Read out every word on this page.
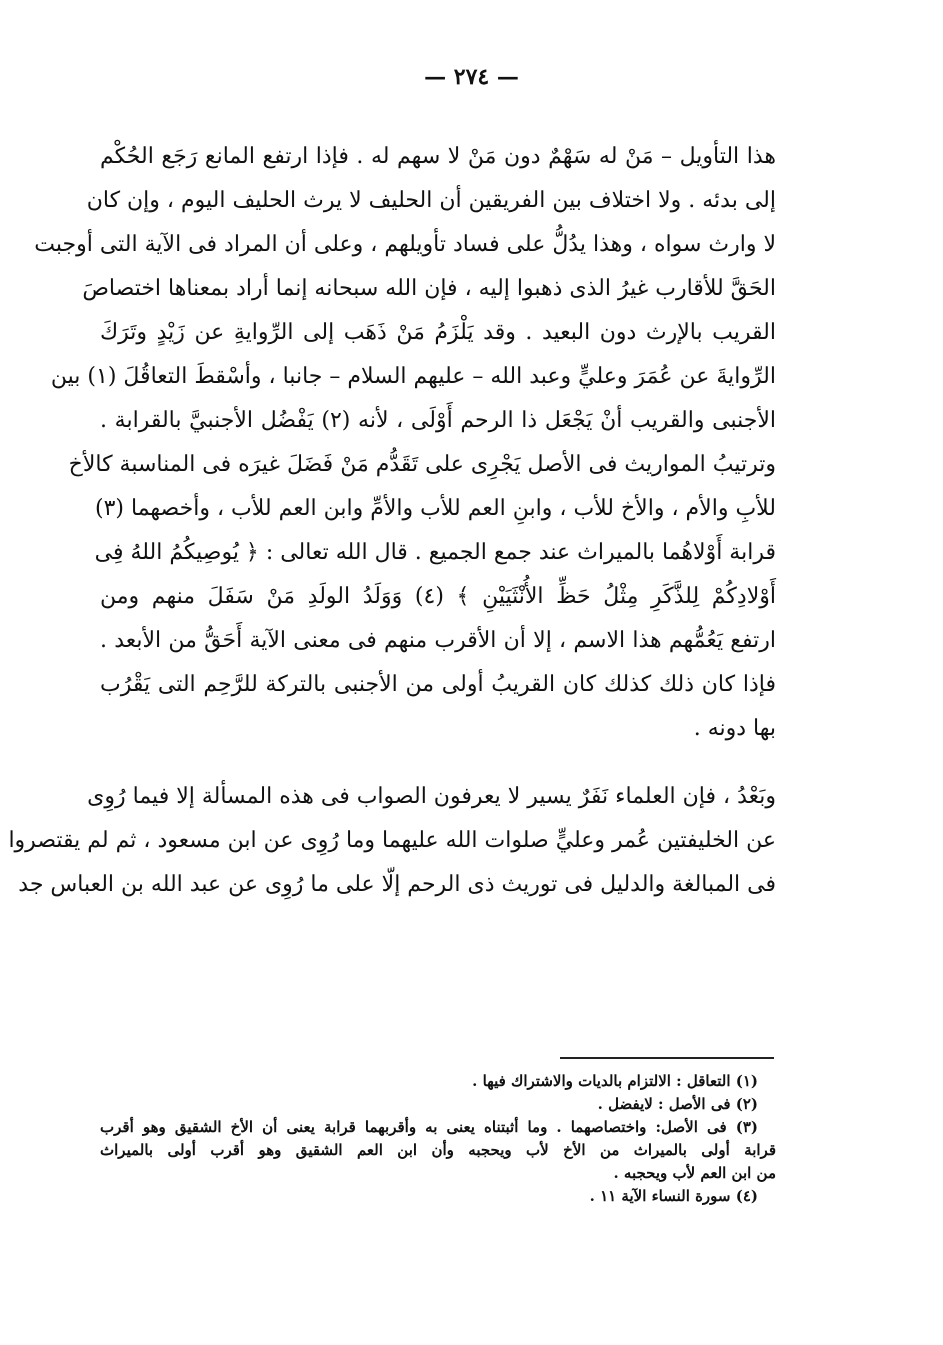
— ٢٧٤ —
هذا التأويل – مَنْ له سَهْمٌ دون مَنْ لا سهم له . فإذا ارتفع المانع رَجَع الحُكْم
إلى بدئه . ولا اختلاف بين الفريقين أن الحليف لا يرث الحليف اليوم ، وإن كان
لا وارث سواه ، وهذا يدُلُّ على فساد تأويلهم ، وعلى أن المراد فى الآية التى أوجبت
الحَقَّ للأقارب غيرُ الذى ذهبوا إليه ، فإن الله سبحانه إنما أراد بمعناها اختصاصَ
القريب بالإرث دون البعيد . وقد يَلْزَمُ مَنْ ذَهَب إلى الرِّوايةِ عن زَيْدٍ وتَرَكَ
الرِّوايةَ عن عُمَرَ وعليٍّ وعبد الله – عليهم السلام – جانبا ، وأسْقطَ التعاقُلَ (١) بين
الأجنبى والقريب أنْ يَجْعَل ذا الرحم أَوْلَى ، لأنه (٢) يَفْضُل الأجنبيَّ بالقرابة .
وترتيبُ المواريث فى الأصل يَجْرِى على تَقَدُّم مَنْ فَضَلَ غيرَه فى المناسبة كالأخ
للأبِ والأم ، والأخ للأب ، وابنِ العم للأب والأمِّ وابن العم للأب ، وأخصهما (٣)
قرابة أَوْلاهُما بالميراث عند جمع الجميع . قال الله تعالى : ﴿ يُوصِيكُمُ اللهُ فِى
أَوْلادِكُمْ لِلذَّكَرِ مِثْلُ حَظِّ الأُنْثَيَيْنِ ﴾ (٤) وَوَلَدُ الولَدِ مَنْ سَفَلَ منهم ومن
ارتفع يَعُمُّهم هذا الاسم ، إلا أن الأقرب منهم فى معنى الآية أَحَقُّ من الأبعد .
فإذا كان ذلك كذلك كان القريبُ أولى من الأجنبى بالتركة للرَّحِم التى يَقْرُب
بها دونه .
وبَعْدُ ، فإن العلماء نَفَرٌ يسير لا يعرفون الصواب فى هذه المسألة إلا فيما رُوِى
عن الخليفتين عُمر وعليٍّ صلوات الله عليهما وما رُوِى عن ابن مسعود ، ثم لم يقتصروا
فى المبالغة والدليل فى توريث ذى الرحم إلّا على ما رُوِى عن عبد الله بن العباس جد
(١) التعاقل : الالتزام بالديات والاشتراك فيها .
(٢) فى الأصل : لايفضل .
(٣) فى الأصل: واختصاصهما . وما أثبتناه يعنى به وأقربهما قرابة يعنى أن الأخ الشقيق وهو أقرب
قرابة أولى بالميراث من الأخ لأب ويحجبه وأن ابن العم الشقيق وهو أقرب أولى بالميراث
من ابن العم لأب ويحجبه .
(٤) سورة النساء الآية ١١ .
